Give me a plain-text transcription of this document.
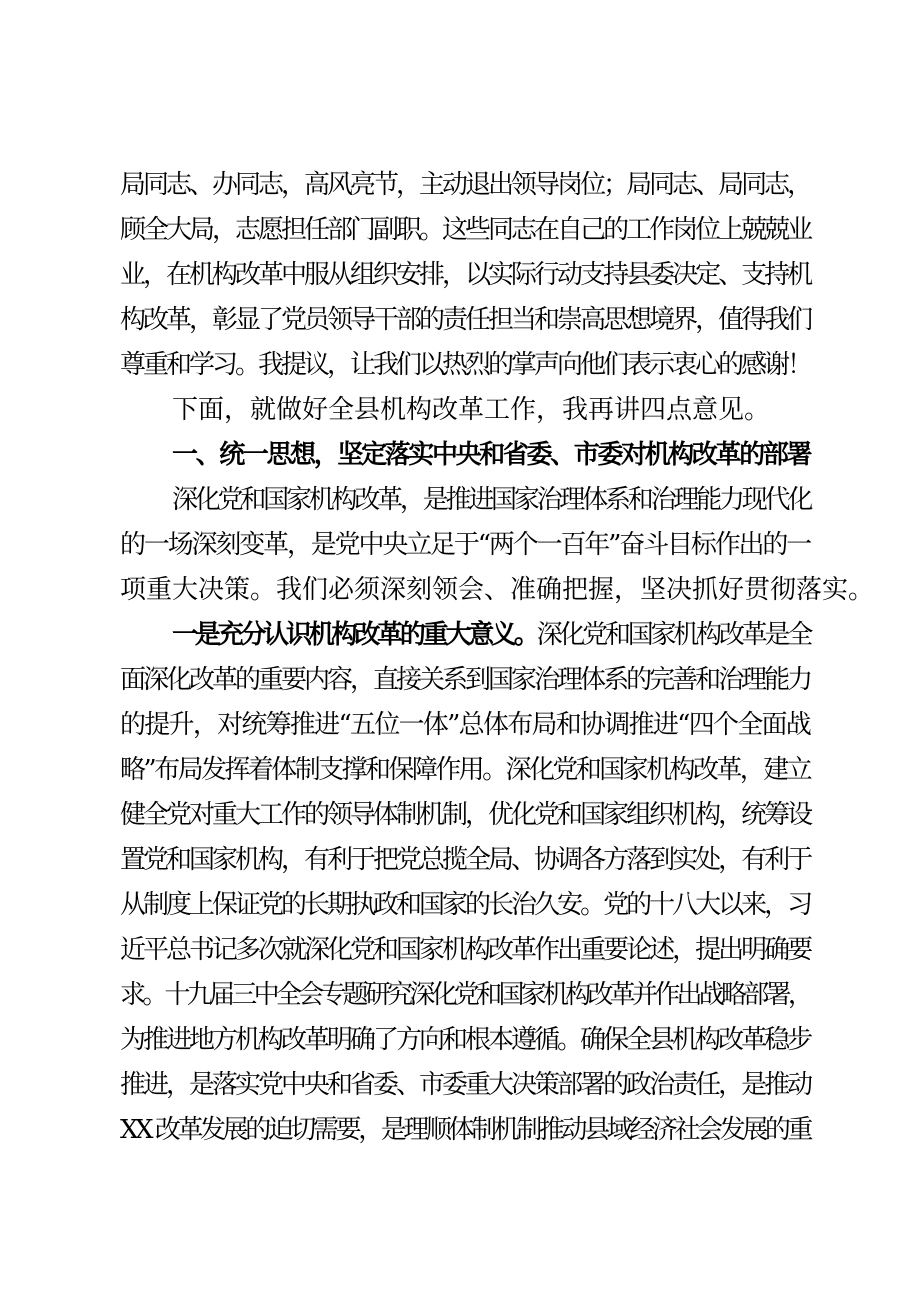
局同志、办同志，高风亮节，主动退出领导岗位；局同志、局同志，
顾全大局，志愿担任部门副职。这些同志在自己的工作岗位上兢兢业
业，在机构改革中服从组织安排，以实际行动支持县委决定、支持机
构改革，彰显了党员领导干部的责任担当和崇高思想境界，值得我们
尊重和学习。我提议，让我们以热烈的掌声向他们表示衷心的感谢！
下面，就做好全县机构改革工作，我再讲四点意见。
一、统一思想，坚定落实中央和省委、市委对机构改革的部署
深化党和国家机构改革，是推进国家治理体系和治理能力现代化
的一场深刻变革，是党中央立足于“两个一百年”奋斗目标作出的一
项重大决策。我们必须深刻领会、准确把握，坚决抓好贯彻落实。
一是充分认识机构改革的重大意义。深化党和国家机构改革是全
面深化改革的重要内容，直接关系到国家治理体系的完善和治理能力
的提升，对统筹推进“五位一体”总体布局和协调推进“四个全面战
略”布局发挥着体制支撑和保障作用。深化党和国家机构改革，建立
健全党对重大工作的领导体制机制，优化党和国家组织机构，统筹设
置党和国家机构，有利于把党总揽全局、协调各方落到实处，有利于
从制度上保证党的长期执政和国家的长治久安。党的十八大以来，习
近平总书记多次就深化党和国家机构改革作出重要论述，提出明确要
求。十九届三中全会专题研究深化党和国家机构改革并作出战略部署，
为推进地方机构改革明确了方向和根本遵循。确保全县机构改革稳步
推进，是落实党中央和省委、市委重大决策部署的政治责任，是推动
XX 改革发展的迫切需要，是理顺体制机制推动县域经济社会发展的重
